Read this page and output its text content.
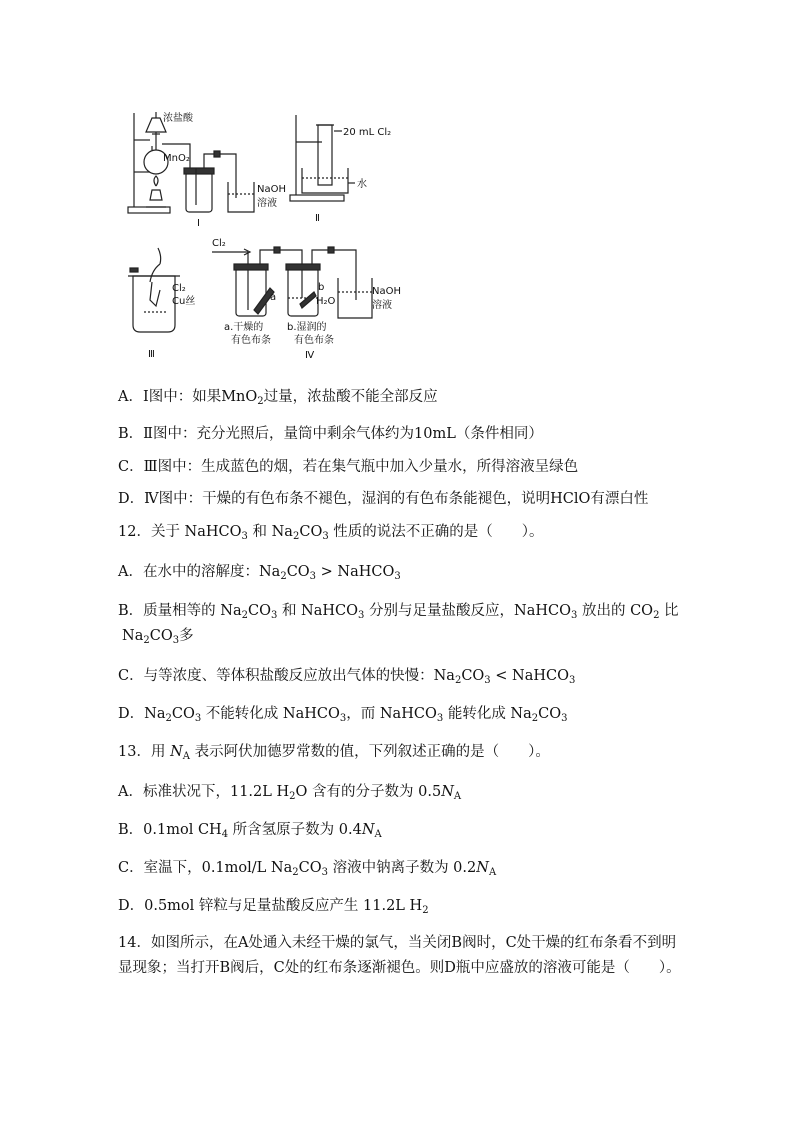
浓盐酸
MnO₂
NaOH
溶液
Ⅰ
20 mL Cl₂
水
Ⅱ
Cl₂
Cu丝
Ⅲ
Cl₂
a
b
H₂O
NaOH
溶液
a.干燥的
有色布条
b.湿润的
有色布条
Ⅳ
A．Ⅰ图中：如果MnO$_2$过量，浓盐酸不能全部反应
B．Ⅱ图中：充分光照后，量筒中剩余气体约为10mL（条件相同）
C．Ⅲ图中：生成蓝色的烟，若在集气瓶中加入少量水，所得溶液呈绿色
D．Ⅳ图中：干燥的有色布条不褪色，湿润的有色布条能褪色，说明HClO有漂白性
12．关于 NaHCO$_3$ 和 $Na_2CO_3$ 性质的说法不正确的是（　　）。
A．在水中的溶解度：$Na_2CO_3$ > NaHCO$_3$
B．质量相等的 $Na_2CO_3$ 和 NaHCO$_3$ 分别与足量盐酸反应，NaHCO$_3$ 放出的 $CO_2$ 比
$Na_2CO_3$多
C．与等浓度、等体积盐酸反应放出气体的快慢：$Na_2CO_3$ < NaHCO$_3$
D．$Na_2CO_3$ 不能转化成 NaHCO$_3$，而 NaHCO$_3$ 能转化成 $Na_2CO_3$
13．用 $N_A$ 表示阿伏加德罗常数的值，下列叙述正确的是（　　）。
A．标准状况下，11.2L $H_2O$ 含有的分子数为 $0.5N_A$
B．0.1mol $CH_4$ 所含氢原子数为 $0.4N_A$
C．室温下，0.1mol/L $Na_2CO_3$ 溶液中钠离子数为 $0.2N_A$
D．0.5mol 锌粒与足量盐酸反应产生 11.2L $H_2$
14．如图所示，在A处通入未经干燥的氯气，当关闭B阀时，C处干燥的红布条看不到明
显现象；当打开B阀后，C处的红布条逐渐褪色。则D瓶中应盛放的溶液可能是（　　）。
